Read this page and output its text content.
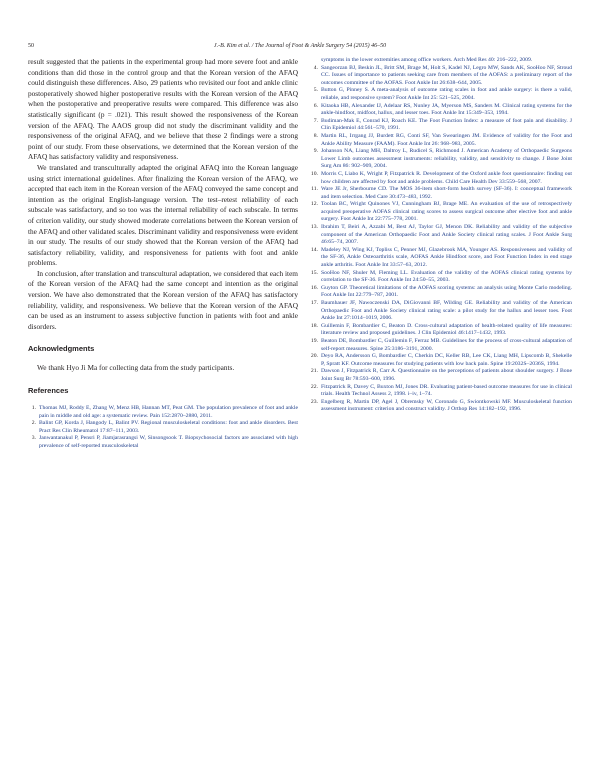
50	J.-B. Kim et al. / The Journal of Foot & Ankle Surgery 54 (2015) 46–50

result suggested that the patients in the experimental group had more severe foot and ankle conditions than did those in the control group and that the Korean version of the AFAQ could distinguish these differences. Also, 29 patients who revisited our foot and ankle clinic postoperatively showed higher postoperative results with the Korean version of the AFAQ when the postoperative and preoperative results were compared. This difference was also statistically significant (p = .021). This result showed the responsiveness of the Korean version of the AFAQ. The AAOS group did not study the discriminant validity and the responsiveness of the original AFAQ, and we believe that these 2 findings were a strong point of our study. From these observations, we determined that the Korean version of the AFAQ has satisfactory validity and responsiveness.

We translated and transculturally adapted the original AFAQ into the Korean language using strict international guidelines. After finalizing the Korean version of the AFAQ, we accepted that each item in the Korean version of the AFAQ conveyed the same concept and intention as the original English-language version. The test–retest reliability of each subscale was satisfactory, and so too was the internal reliability of each subscale. In terms of criterion validity, our study showed moderate correlations between the Korean version of the AFAQ and other validated scales. Discriminant validity and responsiveness were evident in our study. The results of our study showed that the Korean version of the AFAQ had satisfactory reliability, validity, and responsiveness for patients with foot and ankle problems.

In conclusion, after translation and transcultural adaptation, we considered that each item of the Korean version of the AFAQ had the same concept and intention as the original version. We have also demonstrated that the Korean version of the AFAQ has satisfactory reliability, validity, and responsiveness. We believe that the Korean version of the AFAQ can be used as an instrument to assess subjective function in patients with foot and ankle disorders.

Acknowledgments

We thank Hyo Ji Ma for collecting data from the study participants.

References
1. Thomas MJ, Roddy E, Zhang W, Menz HB, Hannan MT, Peat GM. The population prevalence of foot and ankle pain in middle and old age: a systematic review. Pain 152:2870–2880, 2011.
2. Balint GP, Korda J, Hangody L, Balint PV. Regional musculoskeletal conditions: foot and ankle disorders. Best Pract Res Clin Rheumatol 17:87–111, 2003.
3. Janwantanakul P, Pensri P, Jiamjarasrangsi W, Sinsongsook T. Biopsychosocial factors are associated with high prevalence of self-reported musculoskeletal
symptoms in the lower extremities among office workers. Arch Med Res 40: 216–222, 2009.
4. Sangeorzan BJ, Beskin JL, Britt SM, Brage M, Holt S, Kadel NJ, Legro MW, Sands AK, SooHoo NF, Stroud CC. Issues of importance to patients seeking care from members of the AOFAS: a preliminary report of the outcomes committee of the AOFAS. Foot Ankle Int 26:638–644, 2005.
5. Button G, Pinney S. A meta-analysis of outcome rating scales in foot and ankle surgery: is there a valid, reliable, and responsive system? Foot Ankle Int 25: 521–525, 2004.
6. Kitaoka HB, Alexander IJ, Adelaar RS, Nunley JA, Myerson MS, Sanders M. Clinical rating systems for the ankle-hindfoot, midfoot, hallux, and lesser toes. Foot Ankle Int 15:349–353, 1994.
7. Budiman-Mak E, Conrad KJ, Roach KE. The Foot Function Index: a measure of foot pain and disability. J Clin Epidemiol 44:561–570, 1991.
8. Martin RL, Irrgang JJ, Burdett RG, Conti SF, Van Swearingen JM. Evidence of validity for the Foot and Ankle Ability Measure (FAAM). Foot Ankle Int 26: 968–983, 2005.
9. Johanson NA, Liang MH, Daltroy L, Rudicel S, Richmond J. American Academy of Orthopaedic Surgeons Lower Limb outcomes assessment instruments: reliability, validity, and sensitivity to change. J Bone Joint Surg Am 86: 902–909, 2004.
10. Morris C, Liabo K, Wright P, Fitzpatrick R. Development of the Oxford ankle foot questionnaire: finding out how children are affected by foot and ankle problems. Child Care Health Dev 33:559–568, 2007.
11. Ware JE Jr, Sherbourne CD. The MOS 36-item short-form health survey (SF-36). I: conceptual framework and item selection. Med Care 30:473–483, 1992.
12. Toolan BC, Wright Quinones VJ, Cunningham BJ, Brage ME. An evaluation of the use of retrospectively acquired preoperative AOFAS clinical rating scores to assess surgical outcome after elective foot and ankle surgery. Foot Ankle Int 22:775–778, 2001.
13. Ibrahim T, Beiri A, Azzabi M, Best AJ, Taylor GJ, Menon DK. Reliability and validity of the subjective component of the American Orthopaedic Foot and Ankle Society clinical rating scales. J Foot Ankle Surg 46:65–74, 2007.
14. Madeley NJ, Wing KJ, Topliss C, Penner MJ, Glazebrook MA, Younger AS. Responsiveness and validity of the SF-36, Ankle Osteoarthritis scale, AOFAS Ankle Hindfoot score, and Foot Function Index in end stage ankle arthritis. Foot Ankle Int 33:57–63, 2012.
15. SooHoo NF, Shuler M, Fleming LL. Evaluation of the validity of the AOFAS clinical rating systems by correlation to the SF-36. Foot Ankle Int 24:50–55, 2003.
16. Guyton GP. Theoretical limitations of the AOFAS scoring systems: an analysis using Monte Carlo modeling. Foot Ankle Int 22:779–787, 2001.
17. Baumhauer JF, Nawoczenski DA, DiGiovanni BF, Wilding GE. Reliability and validity of the American Orthopaedic Foot and Ankle Society clinical rating scale: a pilot study for the hallux and lesser toes. Foot Ankle Int 27:1014–1019, 2006.
18. Guillemin F, Bombardier C, Beaton D. Cross-cultural adaptation of health-related quality of life measures: literature review and proposed guidelines. J Clin Epidemiol 46:1417–1432, 1993.
19. Beaton DE, Bombardier C, Guillemin F, Ferraz MB. Guidelines for the process of cross-cultural adaptation of self-report measures. Spine 25:3186–3191, 2000.
20. Deyo RA, Andersson G, Bombardier C, Cherkin DC, Keller RB, Lee CK, Liang MH, Lipscomb B, Shekelle P, Spratt KF. Outcome measures for studying patients with low back pain. Spine 19:2032S–2036S, 1994.
21. Dawson J, Fitzpatrick R, Carr A. Questionnaire on the perceptions of patients about shoulder surgery. J Bone Joint Surg Br 78:593–600, 1996.
22. Fitzpatrick R, Davey C, Buxton MJ, Jones DR. Evaluating patient-based outcome measures for use in clinical trials. Health Technol Assess 2, 1998. i–iv, 1–74.
23. Engelberg R, Martin DP, Agel J, Obremsky W, Coronado G, Swiontkowski MF. Musculoskeletal function assessment instrument: criterion and construct validity. J Orthop Res 14:182–192, 1996.
